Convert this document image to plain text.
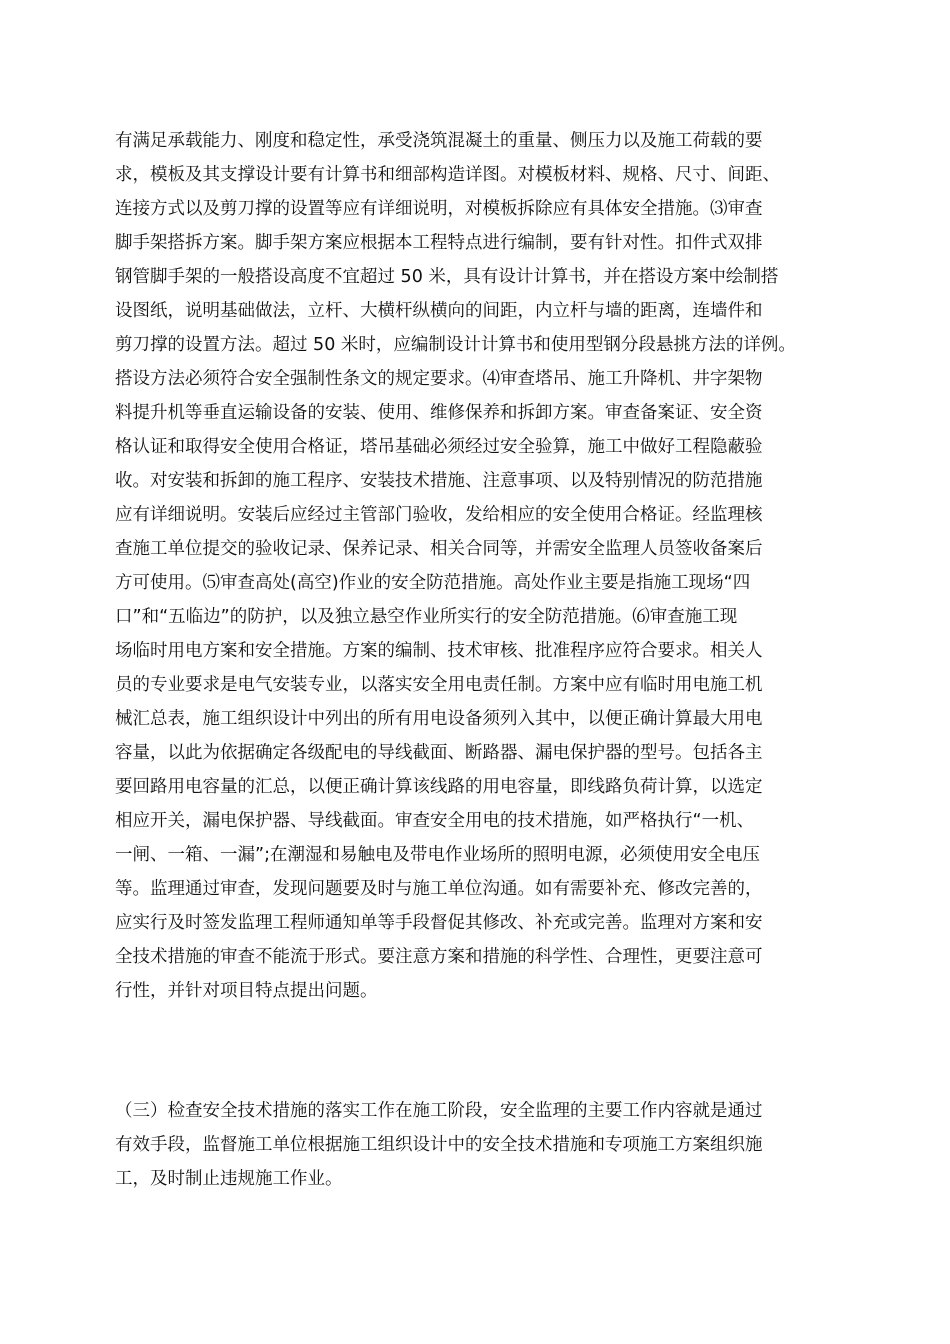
有满足承载能力、刚度和稳定性，承受浇筑混凝土的重量、侧压力以及施工荷载的要
求，模板及其支撑设计要有计算书和细部构造详图。对模板材料、规格、尺寸、间距、
连接方式以及剪刀撑的设置等应有详细说明，对模板拆除应有具体安全措施。⑶审查
脚手架搭拆方案。脚手架方案应根据本工程特点进行编制，要有针对性。扣件式双排
钢管脚手架的一般搭设高度不宜超过 50 米，具有设计计算书，并在搭设方案中绘制搭
设图纸，说明基础做法，立杆、大横杆纵横向的间距，内立杆与墙的距离，连墙件和
剪刀撑的设置方法。超过 50 米时，应编制设计计算书和使用型钢分段悬挑方法的详例。
搭设方法必须符合安全强制性条文的规定要求。⑷审查塔吊、施工升降机、井字架物
料提升机等垂直运输设备的安装、使用、维修保养和拆卸方案。审查备案证、安全资
格认证和取得安全使用合格证，塔吊基础必须经过安全验算，施工中做好工程隐蔽验
收。对安装和拆卸的施工程序、安装技术措施、注意事项、以及特别情况的防范措施
应有详细说明。安装后应经过主管部门验收，发给相应的安全使用合格证。经监理核
查施工单位提交的验收记录、保养记录、相关合同等，并需安全监理人员签收备案后
方可使用。⑸审查高处(高空)作业的安全防范措施。高处作业主要是指施工现场“四
口”和“五临边”的防护，以及独立悬空作业所实行的安全防范措施。⑹审查施工现
场临时用电方案和安全措施。方案的编制、技术审核、批准程序应符合要求。相关人
员的专业要求是电气安装专业，以落实安全用电责任制。方案中应有临时用电施工机
械汇总表，施工组织设计中列出的所有用电设备须列入其中，以便正确计算最大用电
容量，以此为依据确定各级配电的导线截面、断路器、漏电保护器的型号。包括各主
要回路用电容量的汇总，以便正确计算该线路的用电容量，即线路负荷计算，以选定
相应开关，漏电保护器、导线截面。审查安全用电的技术措施，如严格执行“一机、
一闸、一箱、一漏”;在潮湿和易触电及带电作业场所的照明电源，必须使用安全电压
等。监理通过审查，发现问题要及时与施工单位沟通。如有需要补充、修改完善的，
应实行及时签发监理工程师通知单等手段督促其修改、补充或完善。监理对方案和安
全技术措施的审查不能流于形式。要注意方案和措施的科学性、合理性，更要注意可
行性，并针对项目特点提出问题。
（三）检查安全技术措施的落实工作在施工阶段，安全监理的主要工作内容就是通过
有效手段，监督施工单位根据施工组织设计中的安全技术措施和专项施工方案组织施
工，及时制止违规施工作业。
